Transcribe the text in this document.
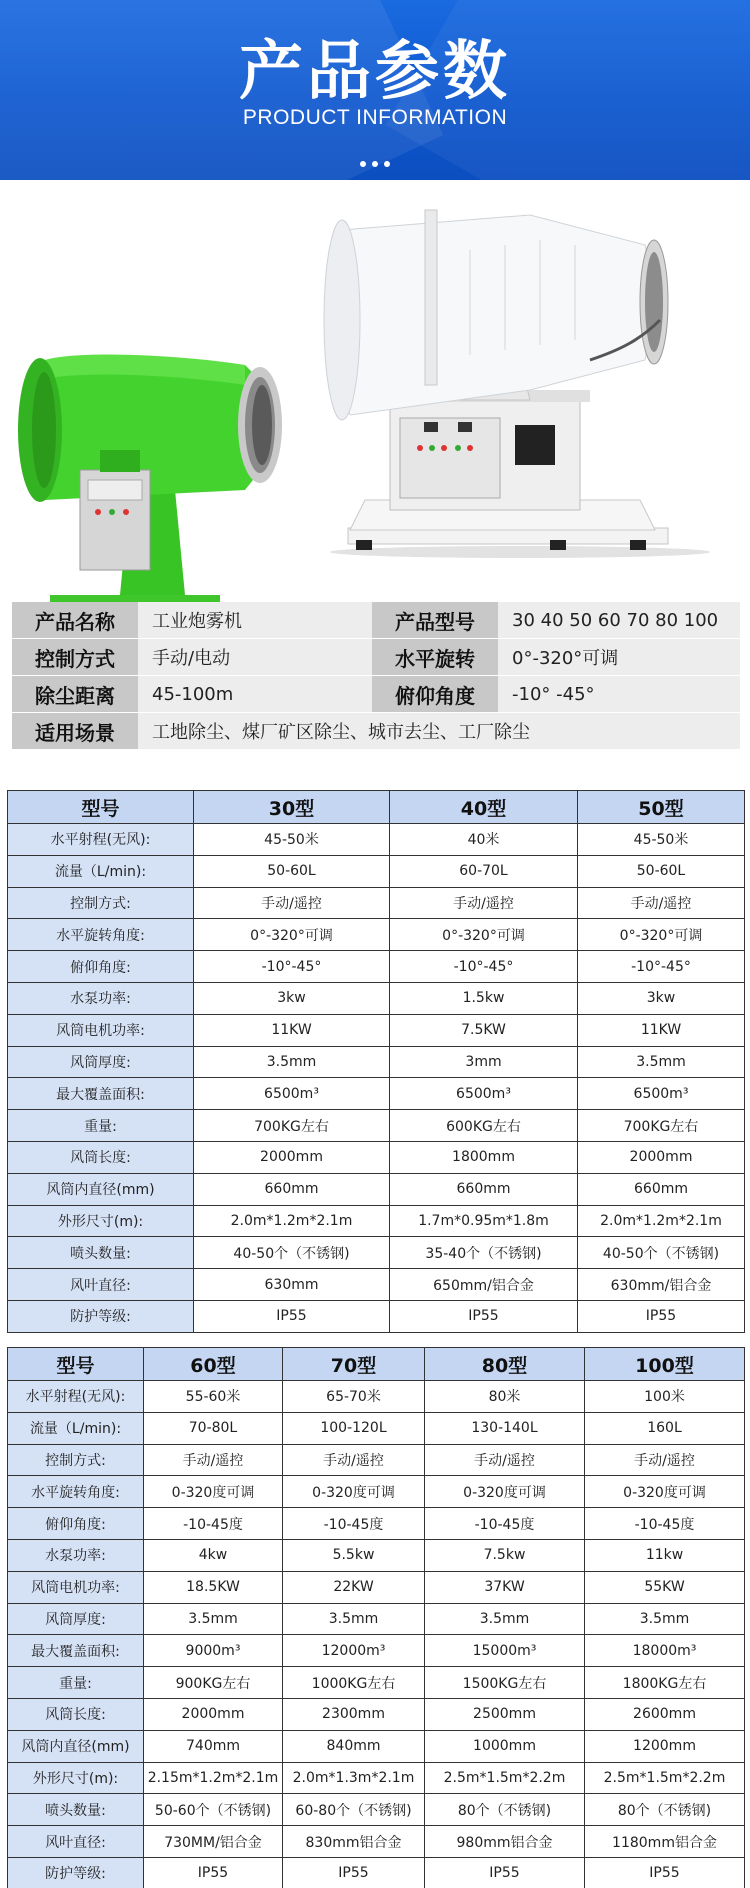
产品参数
PRODUCT INFORMATION
产品名称	工业炮雾机	产品型号	30 40 50 60 70 80 100
控制方式	手动/电动	水平旋转	0°-320°可调
除尘距离	45-100m	俯仰角度	-10° -45°
适用场景	工地除尘、煤厂矿区除尘、城市去尘、工厂除尘
型号	30型	40型	50型
水平射程(无风):	45-50米	40米	45-50米
流量（L/min):	50-60L	60-70L	50-60L
控制方式:	手动/遥控	手动/遥控	手动/遥控
水平旋转角度:	0°-320°可调	0°-320°可调	0°-320°可调
俯仰角度:	-10°-45°	-10°-45°	-10°-45°
水泵功率:	3kw	1.5kw	3kw
风筒电机功率:	11KW	7.5KW	11KW
风筒厚度:	3.5mm	3mm	3.5mm
最大覆盖面积:	6500m³	6500m³	6500m³
重量:	700KG左右	600KG左右	700KG左右
风筒长度:	2000mm	1800mm	2000mm
风筒内直径(mm)	660mm	660mm	660mm
外形尺寸(m):	2.0m*1.2m*2.1m	1.7m*0.95m*1.8m	2.0m*1.2m*2.1m
喷头数量:	40-50个（不锈钢)	35-40个（不锈钢)	40-50个（不锈钢)
风叶直径:	630mm	650mm/铝合金	630mm/铝合金
防护等级:	IP55	IP55	IP55
型号	60型	70型	80型	100型
水平射程(无风):	55-60米	65-70米	80米	100米
流量（L/min):	70-80L	100-120L	130-140L	160L
控制方式:	手动/遥控	手动/遥控	手动/遥控	手动/遥控
水平旋转角度:	0-320度可调	0-320度可调	0-320度可调	0-320度可调
俯仰角度:	-10-45度	-10-45度	-10-45度	-10-45度
水泵功率:	4kw	5.5kw	7.5kw	11kw
风筒电机功率:	18.5KW	22KW	37KW	55KW
风筒厚度:	3.5mm	3.5mm	3.5mm	3.5mm
最大覆盖面积:	9000m³	12000m³	15000m³	18000m³
重量:	900KG左右	1000KG左右	1500KG左右	1800KG左右
风筒长度:	2000mm	2300mm	2500mm	2600mm
风筒内直径(mm)	740mm	840mm	1000mm	1200mm
外形尺寸(m):	2.15m*1.2m*2.1m	2.0m*1.3m*2.1m	2.5m*1.5m*2.2m	2.5m*1.5m*2.2m
喷头数量:	50-60个（不锈钢)	60-80个（不锈钢)	80个（不锈钢)	80个（不锈钢)
风叶直径:	730MM/铝合金	830mm铝合金	980mm铝合金	1180mm铝合金
防护等级:	IP55	IP55	IP55	IP55
